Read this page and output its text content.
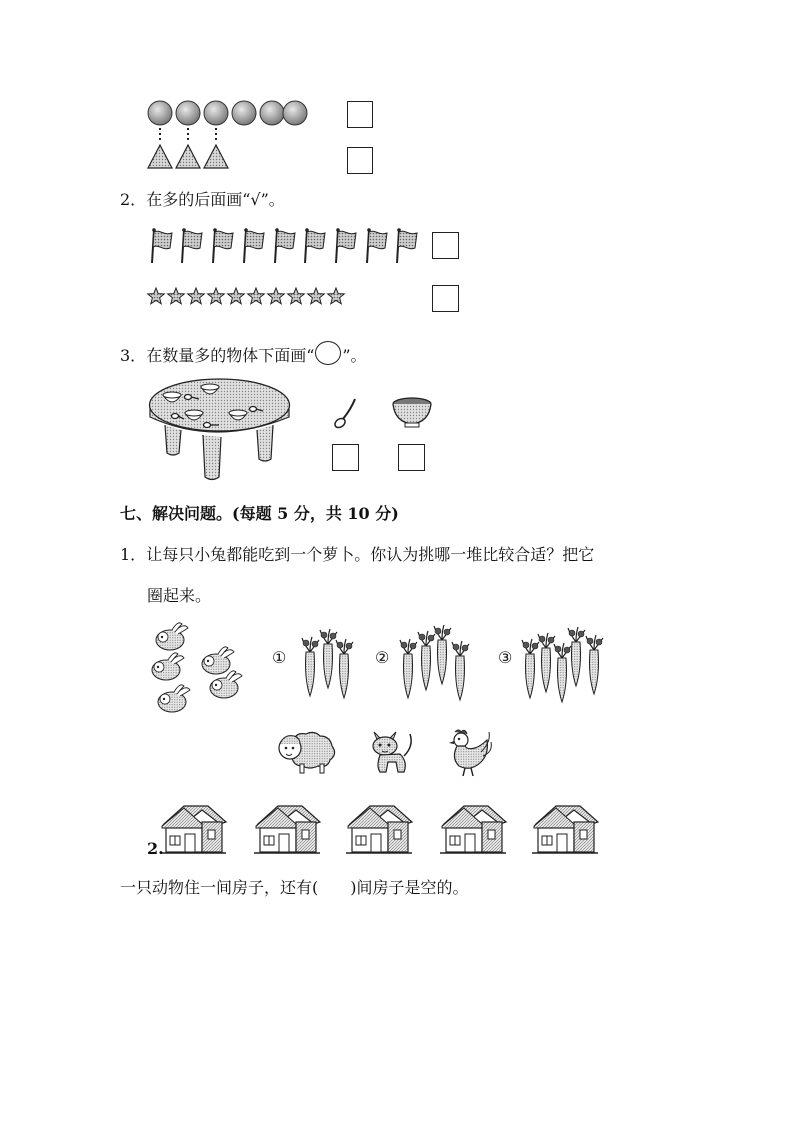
2．在多的后面画“√”。
3．在数量多的物体下面画“ ”。
七、解决问题。(每题 5 分，共 10 分)
1．让每只小兔都能吃到一个萝卜。你认为挑哪一堆比较合适？把它
圈起来。
①	②	③
2.
一只动物住一间房子，还有(　　)间房子是空的。
